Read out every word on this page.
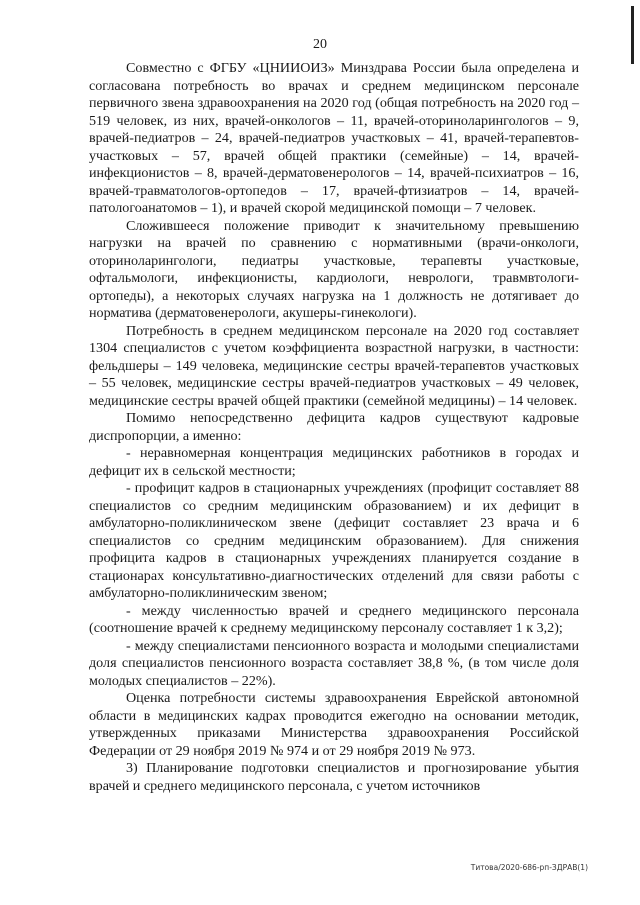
20

Совместно с ФГБУ «ЦНИИОИЗ» Минздрава России была определена и согласована потребность во врачах и среднем медицинском персонале первичного звена здравоохранения на 2020 год (общая потребность на 2020 год – 519 человек, из них, врачей-онкологов – 11, врачей-оториноларингологов – 9, врачей-педиатров – 24, врачей-педиатров участковых – 41, врачей-терапевтов-участковых – 57, врачей общей практики (семейные) – 14, врачей-инфекционистов – 8, врачей-дерматовенерологов – 14, врачей-психиатров – 16, врачей-травматологов-ортопедов – 17, врачей-фтизиатров – 14, врачей-патологоанатомов – 1), и врачей скорой медицинской помощи – 7 человек.

Сложившееся положение приводит к значительному превышению нагрузки на врачей по сравнению с нормативными (врачи-онкологи, оториноларингологи, педиатры участковые, терапевты участковые, офтальмологи, инфекционисты, кардиологи, неврологи, травмвтологи-ортопеды), а некоторых случаях нагрузка на 1 должность не дотягивает до норматива (дерматовенерологи, акушеры-гинекологи).

Потребность в среднем медицинском персонале на 2020 год составляет 1304 специалистов с учетом коэффициента возрастной нагрузки, в частности: фельдшеры – 149 человека, медицинские сестры врачей-терапевтов участковых – 55 человек, медицинские сестры врачей-педиатров участковых – 49 человек, медицинские сестры врачей общей практики (семейной медицины) – 14 человек.

Помимо непосредственно дефицита кадров существуют кадровые диспропорции, а именно:

- неравномерная концентрация медицинских работников в городах и дефицит их в сельской местности;

- профицит кадров в стационарных учреждениях (профицит составляет 88 специалистов со средним медицинским образованием) и их дефицит в амбулаторно-поликлиническом звене (дефицит составляет 23 врача и 6 специалистов со средним медицинским образованием). Для снижения профицита кадров в стационарных учреждениях планируется создание в стационарах консультативно-диагностических отделений для связи работы с амбулаторно-поликлиническим звеном;

- между численностью врачей и среднего медицинского персонала (соотношение врачей к среднему медицинскому персоналу составляет 1 к 3,2);

- между специалистами пенсионного возраста и молодыми специалистами доля специалистов пенсионного возраста составляет 38,8 %, (в том числе доля молодых специалистов – 22%).

Оценка потребности системы здравоохранения Еврейской автономной области в медицинских кадрах проводится ежегодно на основании методик, утвержденных приказами Министерства здравоохранения Российской Федерации от 29 ноября 2019 № 974 и от 29 ноября 2019 № 973.

3) Планирование подготовки специалистов и прогнозирование убытия врачей и среднего медицинского персонала, с учетом источников

Титова/2020-686-рп-ЗДРАВ(1)
